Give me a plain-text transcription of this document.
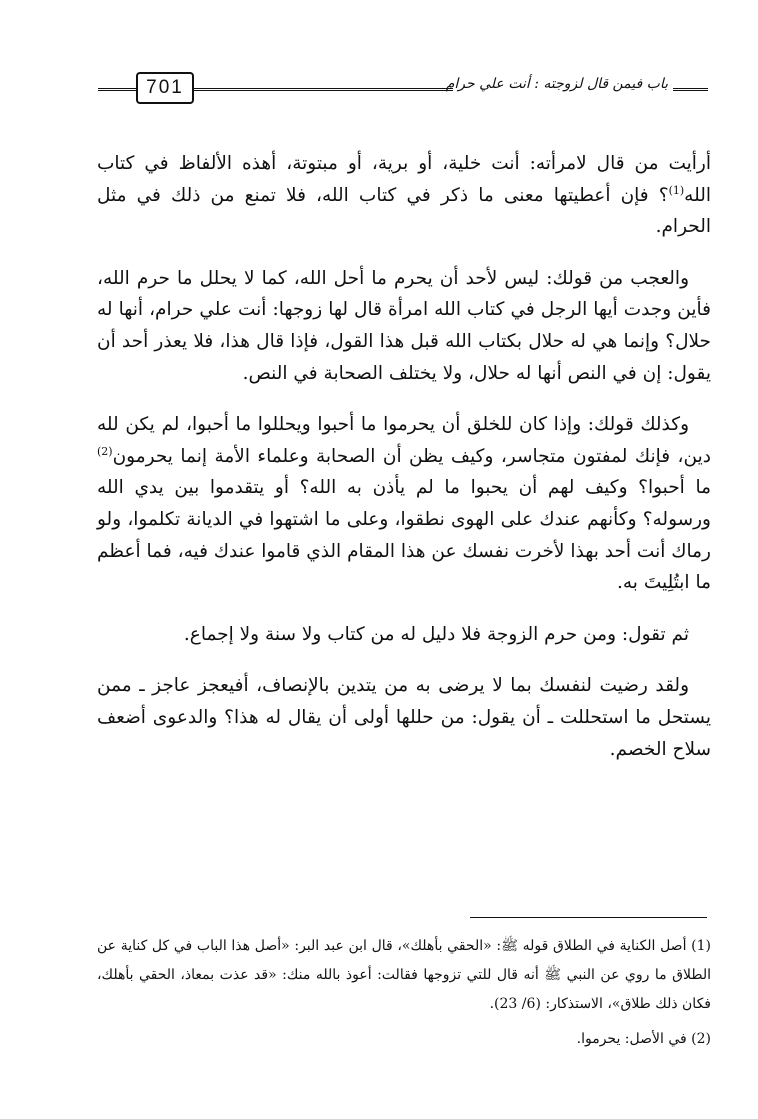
701	باب فيمن قال لزوجته : أنت علي حرام

أرأيت من قال لامرأته: أنت خلية، أو برية، أو مبتوتة، أهذه الألفاظ في كتاب الله$^{(1)}$؟ فإن أعطيتها معنى ما ذكر في كتاب الله، فلا تمنع من ذلك في مثل الحرام.

والعجب من قولك: ليس لأحد أن يحرم ما أحل الله، كما لا يحلل ما حرم الله، فأين وجدت أيها الرجل في كتاب الله امرأة قال لها زوجها: أنت علي حرام، أنها له حلال؟ وإنما هي له حلال بكتاب الله قبل هذا القول، فإذا قال هذا، فلا يعذر أحد أن يقول: إن في النص أنها له حلال، ولا يختلف الصحابة في النص.

وكذلك قولك: وإذا كان للخلق أن يحرموا ما أحبوا ويحللوا ما أحبوا، لم يكن لله دين، فإنك لمفتون متجاسر، وكيف يظن أن الصحابة وعلماء الأمة إنما يحرمون$^{(2)}$ ما أحبوا؟ وكيف لهم أن يحبوا ما لم يأذن به الله؟ أو يتقدموا بين يدي الله ورسوله؟ وكأنهم عندك على الهوى نطقوا، وعلى ما اشتهوا في الديانة تكلموا، ولو رماك أنت أحد بهذا لأخرت نفسك عن هذا المقام الذي قاموا عندك فيه، فما أعظم ما ابتُلِيتَ به.

ثم تقول: ومن حرم الزوجة فلا دليل له من كتاب ولا سنة ولا إجماع.

ولقد رضيت لنفسك بما لا يرضى به من يتدين بالإنصاف، أفيعجز عاجز ـ ممن يستحل ما استحللت ـ أن يقول: من حللها أولى أن يقال له هذا؟ والدعوى أضعف سلاح الخصم.

(1) أصل الكناية في الطلاق قوله ﷺ: «الحقي بأهلك»، قال ابن عبد البر: «أصل هذا الباب في كل كناية عن الطلاق ما روي عن النبي ﷺ أنه قال للتي تزوجها فقالت: أعوذ بالله منك: «قد عذت بمعاذ، الحقي بأهلك، فكان ذلك طلاق»، الاستذكار: (6/ 23).

(2) في الأصل: يحرموا.
